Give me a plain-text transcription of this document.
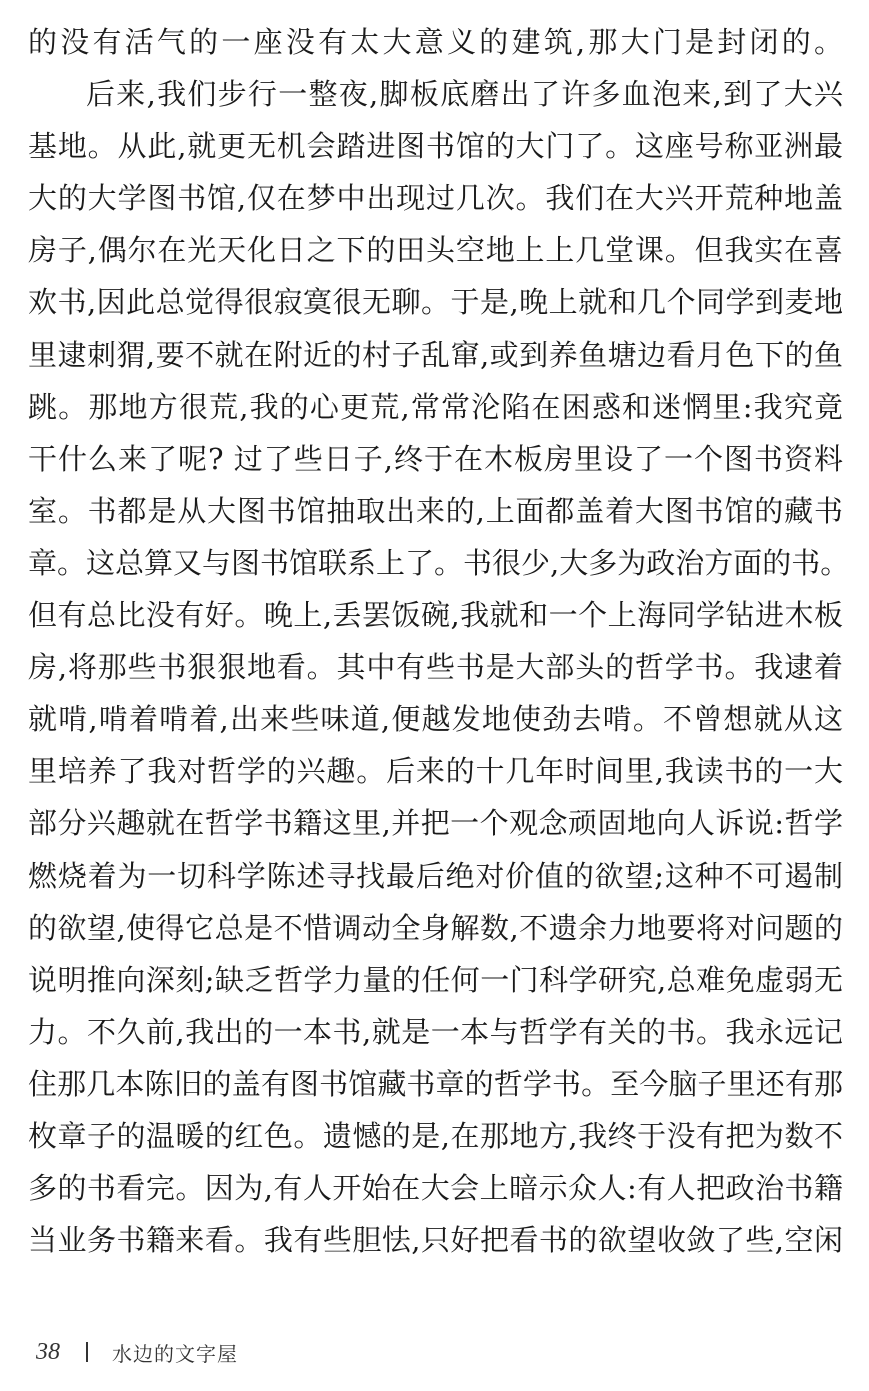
的没有活气的一座没有太大意义的建筑,那大门是封闭的。
后来,我们步行一整夜,脚板底磨出了许多血泡来,到了大兴
基地。从此,就更无机会踏进图书馆的大门了。这座号称亚洲最
大的大学图书馆,仅在梦中出现过几次。我们在大兴开荒种地盖
房子,偶尔在光天化日之下的田头空地上上几堂课。但我实在喜
欢书,因此总觉得很寂寞很无聊。于是,晚上就和几个同学到麦地
里逮刺猬,要不就在附近的村子乱窜,或到养鱼塘边看月色下的鱼
跳。那地方很荒,我的心更荒,常常沦陷在困惑和迷惘里:我究竟
干什么来了呢? 过了些日子,终于在木板房里设了一个图书资料
室。书都是从大图书馆抽取出来的,上面都盖着大图书馆的藏书
章。这总算又与图书馆联系上了。书很少,大多为政治方面的书。
但有总比没有好。晚上,丢罢饭碗,我就和一个上海同学钻进木板
房,将那些书狠狠地看。其中有些书是大部头的哲学书。我逮着
就啃,啃着啃着,出来些味道,便越发地使劲去啃。不曾想就从这
里培养了我对哲学的兴趣。后来的十几年时间里,我读书的一大
部分兴趣就在哲学书籍这里,并把一个观念顽固地向人诉说:哲学
燃烧着为一切科学陈述寻找最后绝对价值的欲望;这种不可遏制
的欲望,使得它总是不惜调动全身解数,不遗余力地要将对问题的
说明推向深刻;缺乏哲学力量的任何一门科学研究,总难免虚弱无
力。不久前,我出的一本书,就是一本与哲学有关的书。我永远记
住那几本陈旧的盖有图书馆藏书章的哲学书。至今脑子里还有那
枚章子的温暖的红色。遗憾的是,在那地方,我终于没有把为数不
多的书看完。因为,有人开始在大会上暗示众人:有人把政治书籍
当业务书籍来看。我有些胆怯,只好把看书的欲望收敛了些,空闲
38	水边的文字屋
